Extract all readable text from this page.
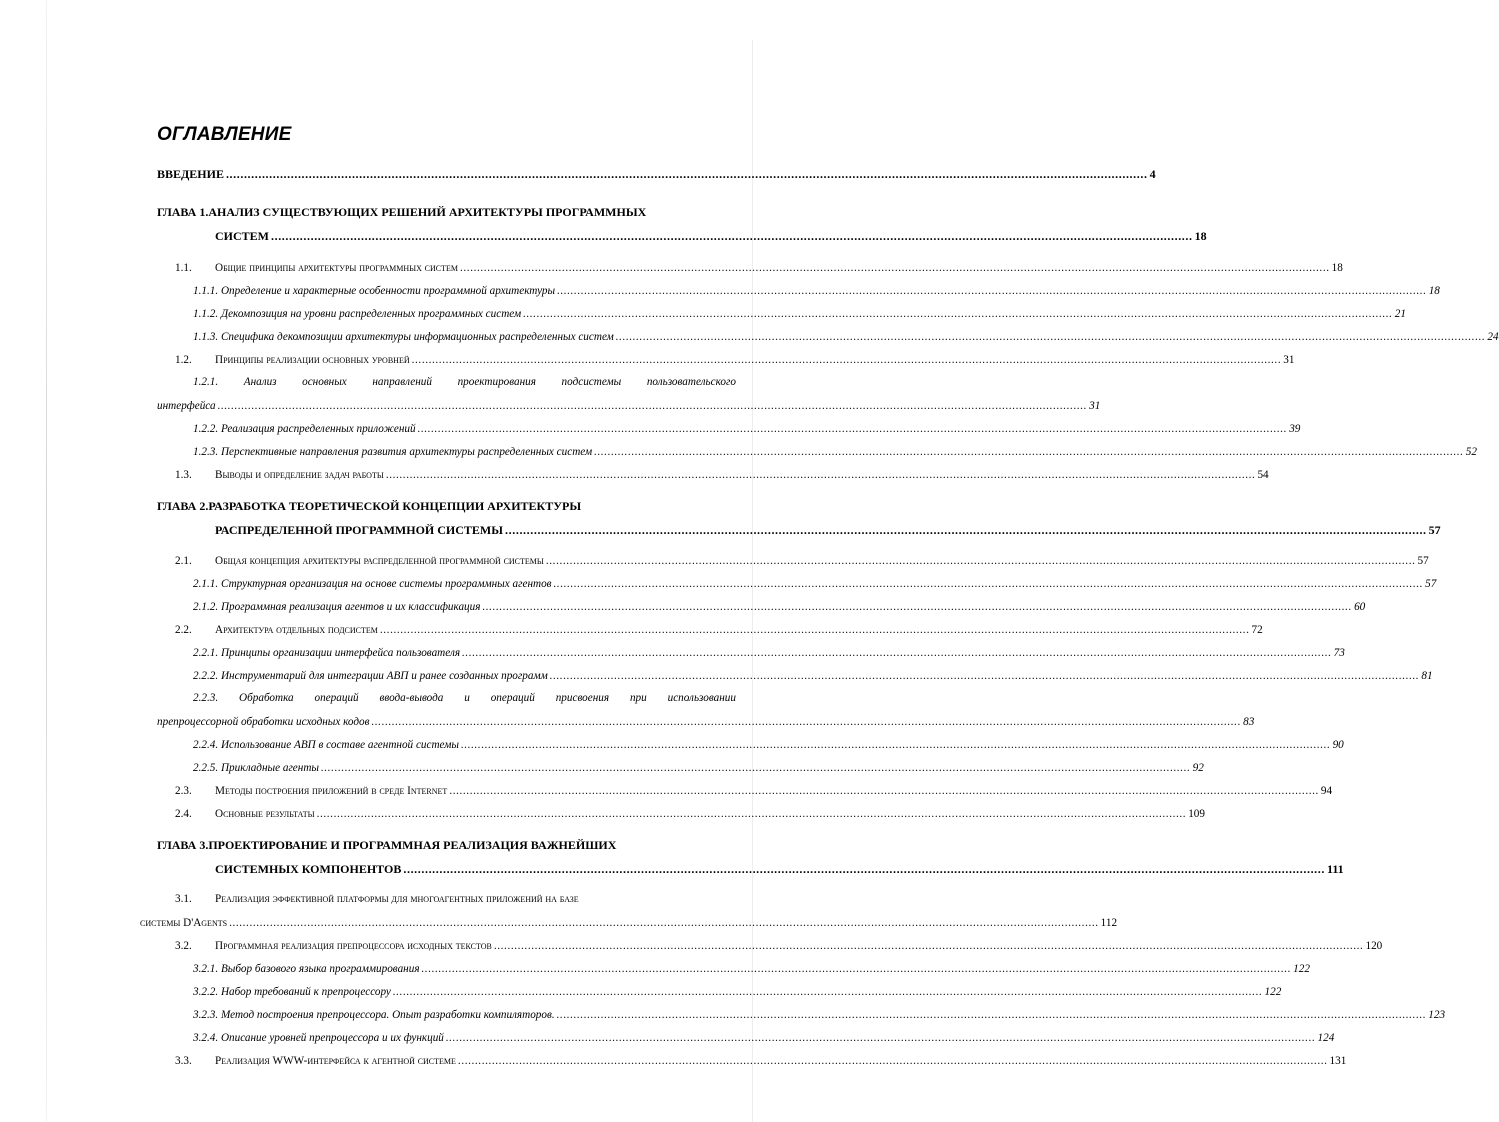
ОГЛАВЛЕНИЕ
ВВЕДЕНИЕ .....	4
ГЛАВА 1.АНАЛИЗ СУЩЕСТВУЮЩИХ РЕШЕНИЙ АРХИТЕКТУРЫ ПРОГРАММНЫХ
СИСТЕМ .....	18
1.1.	Общие принципы архитектуры программных систем .....	18
1.1.1. Определение и характерные особенности программной архитектуры .....	18
1.1.2. Декомпозиция на уровни распределенных программных систем .....	21
1.1.3. Специфика декомпозиции архитектуры информационных распределенных систем .....	24
1.2.	Принципы реализации основных уровней .....	31
1.2.1. Анализ основных направлений проектирования подсистемы пользовательского
интерфейса .....	31
1.2.2. Реализация распределенных приложений .....	39
1.2.3. Перспективные направления развития архитектуры распределенных систем .....	52
1.3.	Выводы и определение задач работы .....	54
ГЛАВА 2.РАЗРАБОТКА ТЕОРЕТИЧЕСКОЙ КОНЦЕПЦИИ АРХИТЕКТУРЫ
РАСПРЕДЕЛЕННОЙ ПРОГРАММНОЙ СИСТЕМЫ .....	57
2.1.	Общая концепция архитектуры распределенной программной системы .....	57
2.1.1. Структурная организация на основе системы программных агентов .....	57
2.1.2. Программная реализация агентов и их классификация .....	60
2.2.	Архитектура отдельных подсистем .....	72
2.2.1. Принципы организации интерфейса пользователя .....	73
2.2.2. Инструментарий для интеграции АВП и ранее созданных программ .....	81
2.2.3. Обработка операций ввода-вывода и операций присвоения при использовании
препроцессорной обработки исходных кодов .....	83
2.2.4. Использование АВП в составе агентной системы .....	90
2.2.5. Прикладные агенты .....	92
2.3.	Методы построения приложений в среде Internet .....	94
2.4.	Основные результаты .....	109
ГЛАВА 3.ПРОЕКТИРОВАНИЕ И ПРОГРАММНАЯ РЕАЛИЗАЦИЯ ВАЖНЕЙШИХ
СИСТЕМНЫХ КОМПОНЕНТОВ .....	111
3.1. Реализация эффективной платформы для многоагентных приложений на базе
системы D'Agents .....	112
3.2.	Программная реализация препроцессора исходных текстов .....	120
3.2.1. Выбор базового языка программирования .....	122
3.2.2. Набор требований к препроцессору .....	122
3.2.3. Метод построения препроцессора. Опыт разработки компиляторов. .....	123
3.2.4. Описание уровней препроцессора и их функций .....	124
3.3.	Реализация WWW-интерфейса к агентной системе .....	131
